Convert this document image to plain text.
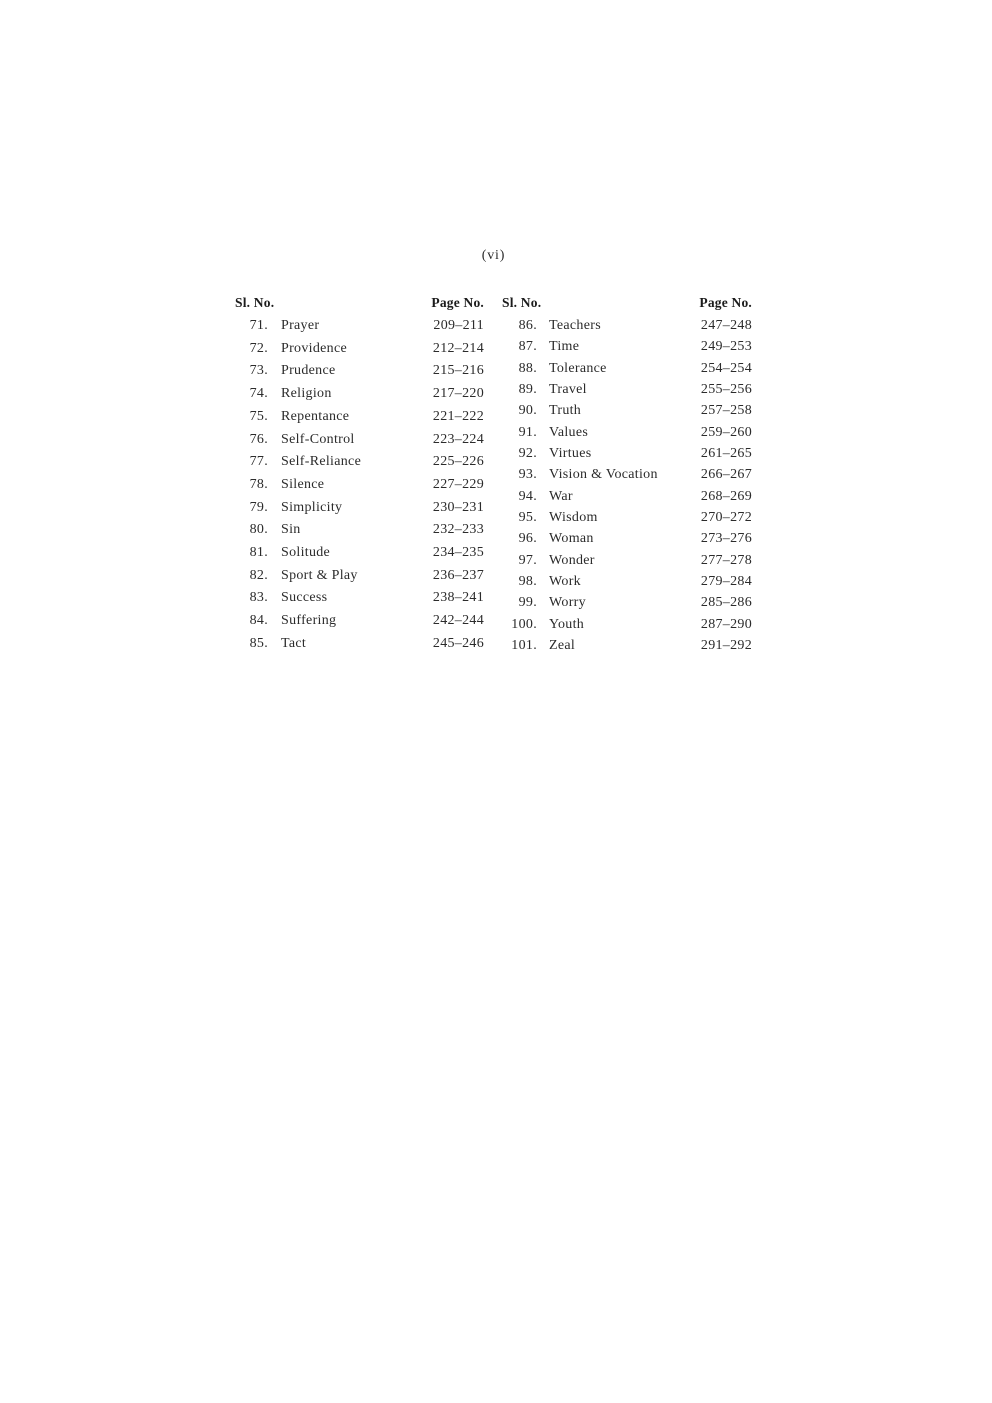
(vi)
Sl. No.	Page No.
71. Prayer	209–211
72. Providence	212–214
73. Prudence	215–216
74. Religion	217–220
75. Repentance	221–222
76. Self-Control	223–224
77. Self-Reliance	225–226
78. Silence	227–229
79. Simplicity	230–231
80. Sin	232–233
81. Solitude	234–235
82. Sport & Play	236–237
83. Success	238–241
84. Suffering	242–244
85. Tact	245–246
Sl. No.	Page No.
86. Teachers	247–248
87. Time	249–253
88. Tolerance	254–254
89. Travel	255–256
90. Truth	257–258
91. Values	259–260
92. Virtues	261–265
93. Vision & Vocation	266–267
94. War	268–269
95. Wisdom	270–272
96. Woman	273–276
97. Wonder	277–278
98. Work	279–284
99. Worry	285–286
100. Youth	287–290
101. Zeal	291–292
